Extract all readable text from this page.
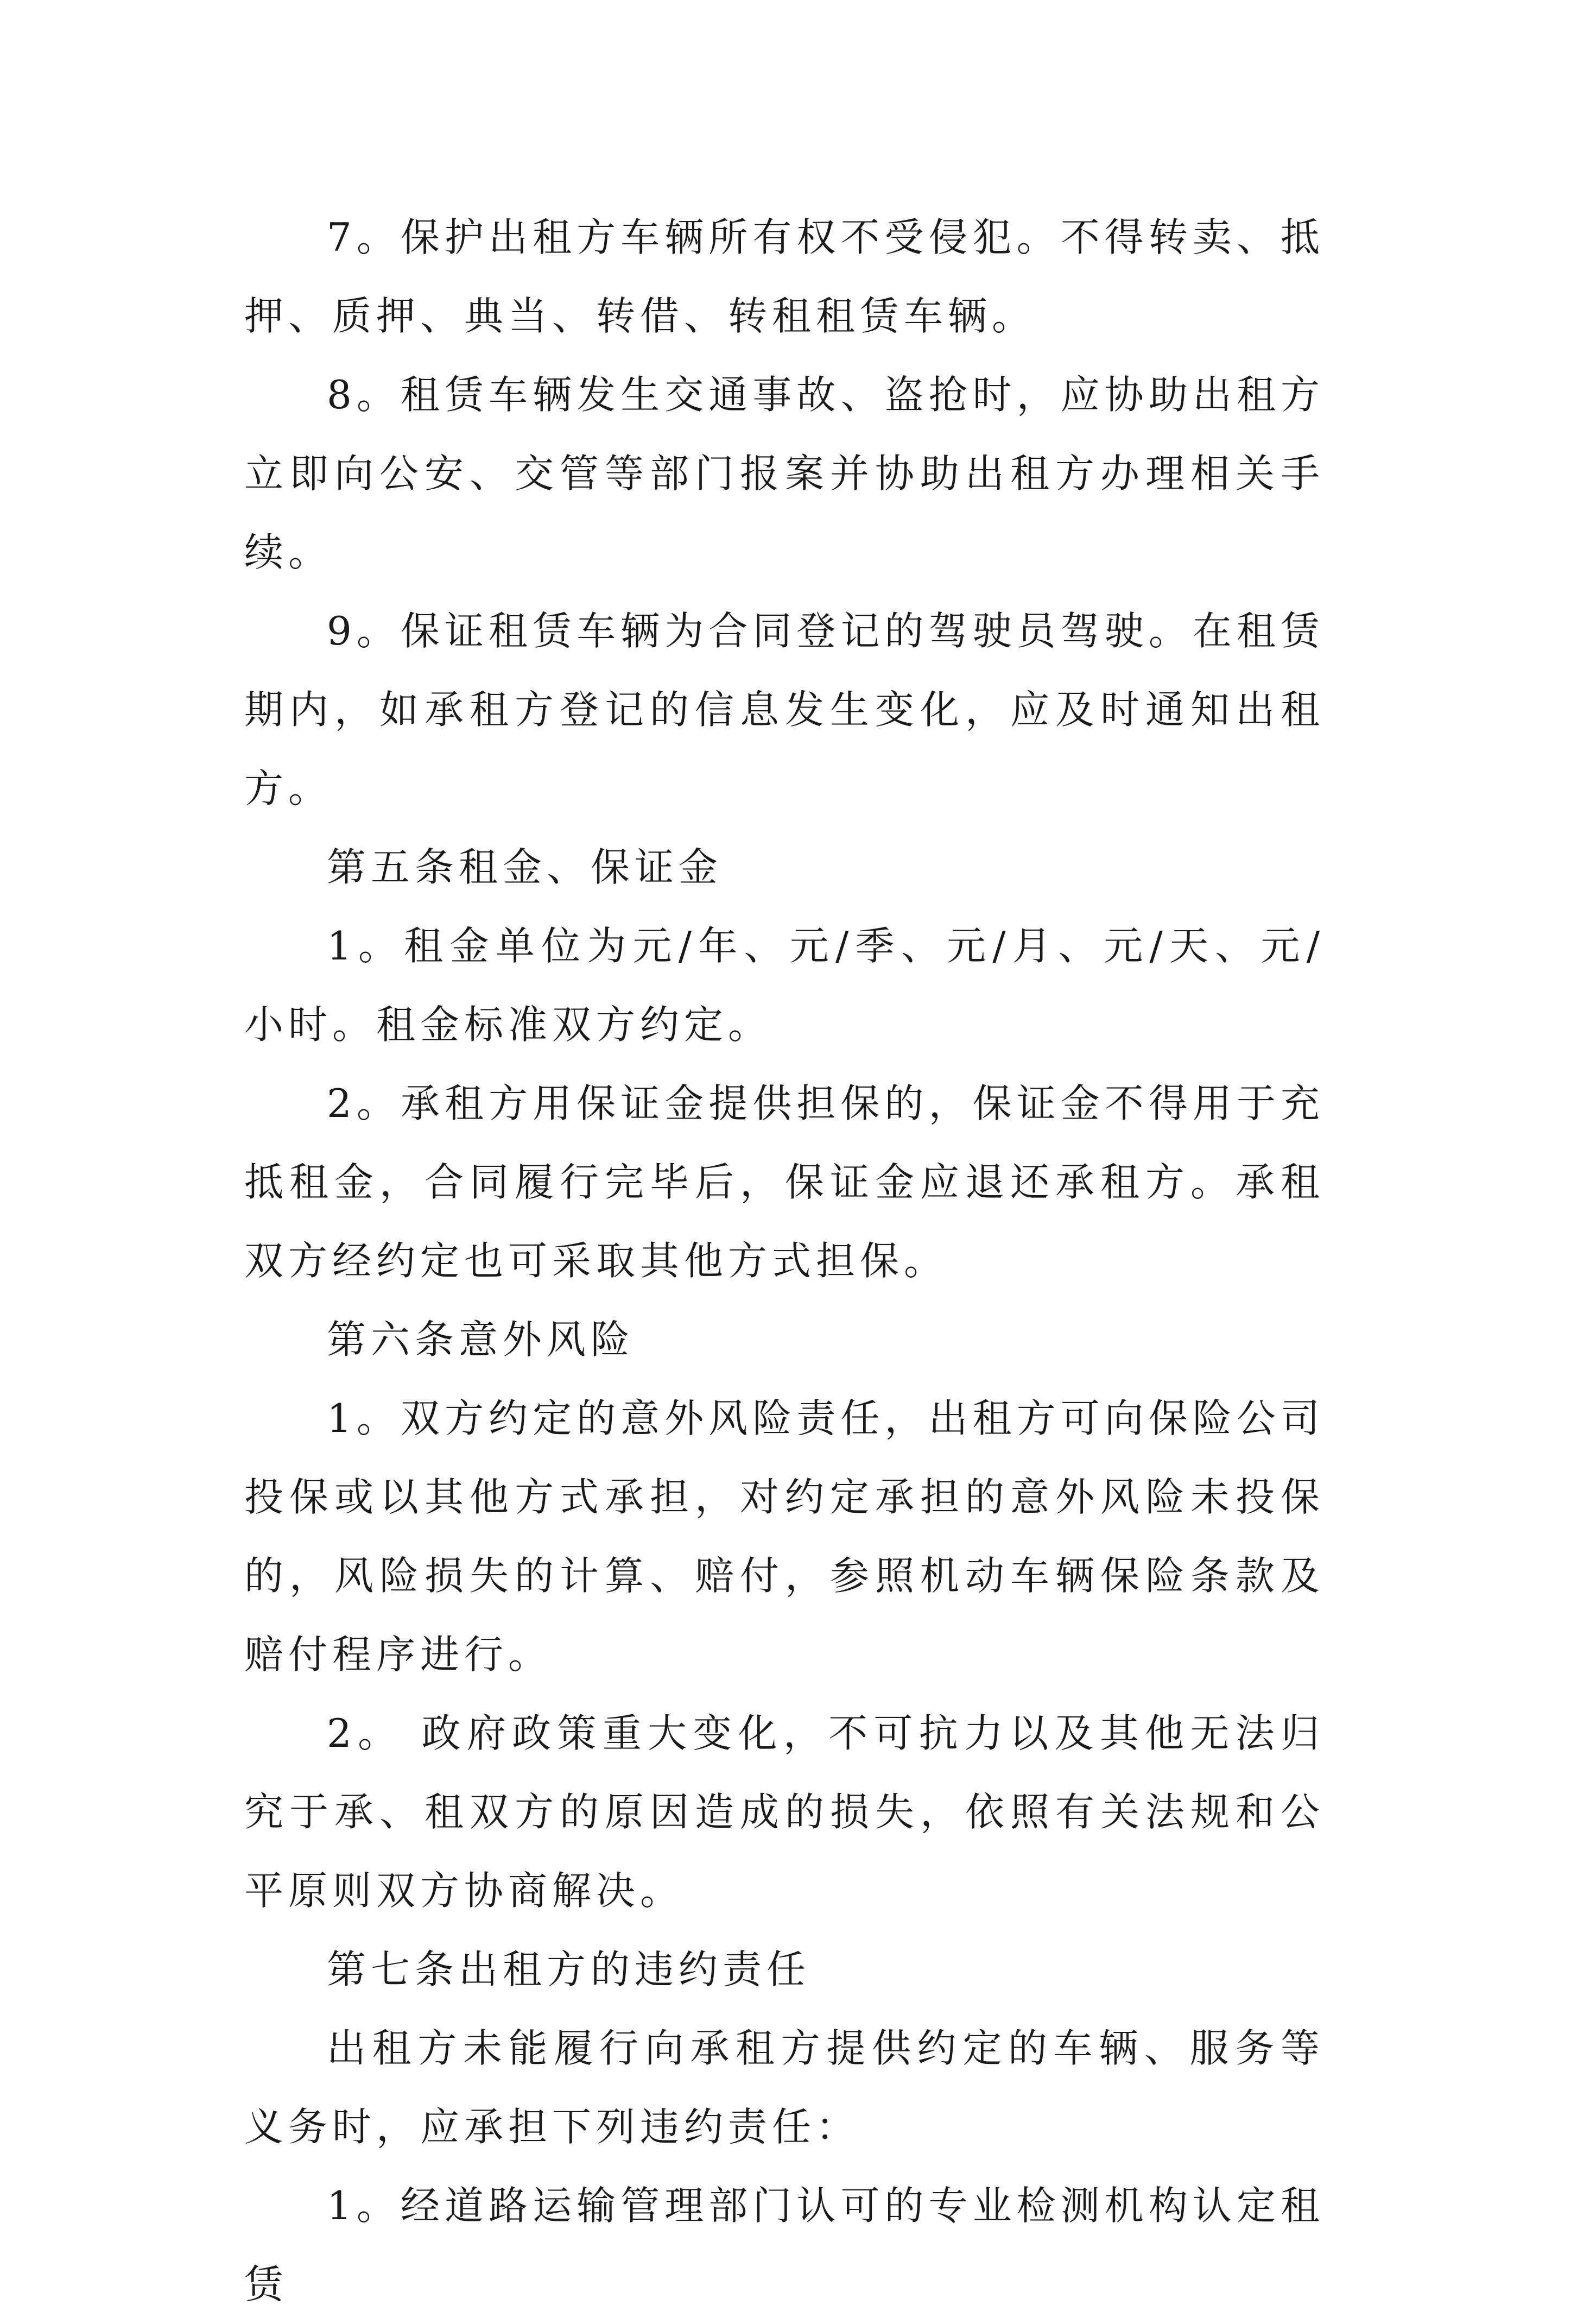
7。保护出租方车辆所有权不受侵犯。不得转卖、抵押、质押、典当、转借、转租租赁车辆。

8。租赁车辆发生交通事故、盗抢时，应协助出租方立即向公安、交管等部门报案并协助出租方办理相关手续。

9。保证租赁车辆为合同登记的驾驶员驾驶。在租赁期内，如承租方登记的信息发生变化，应及时通知出租方。

第五条租金、保证金

1。租金单位为元/年、元/季、元/月、元/天、元/小时。租金标准双方约定。

2。承租方用保证金提供担保的，保证金不得用于充抵租金，合同履行完毕后，保证金应退还承租方。承租双方经约定也可采取其他方式担保。

第六条意外风险

1。双方约定的意外风险责任，出租方可向保险公司投保或以其他方式承担，对约定承担的意外风险未投保的，风险损失的计算、赔付，参照机动车辆保险条款及赔付程序进行。

2。 政府政策重大变化，不可抗力以及其他无法归究于承、租双方的原因造成的损失，依照有关法规和公平原则双方协商解决。

第七条出租方的违约责任

出租方未能履行向承租方提供约定的车辆、服务等义务时，应承担下列违约责任：

1。经道路运输管理部门认可的专业检测机构认定租赁
